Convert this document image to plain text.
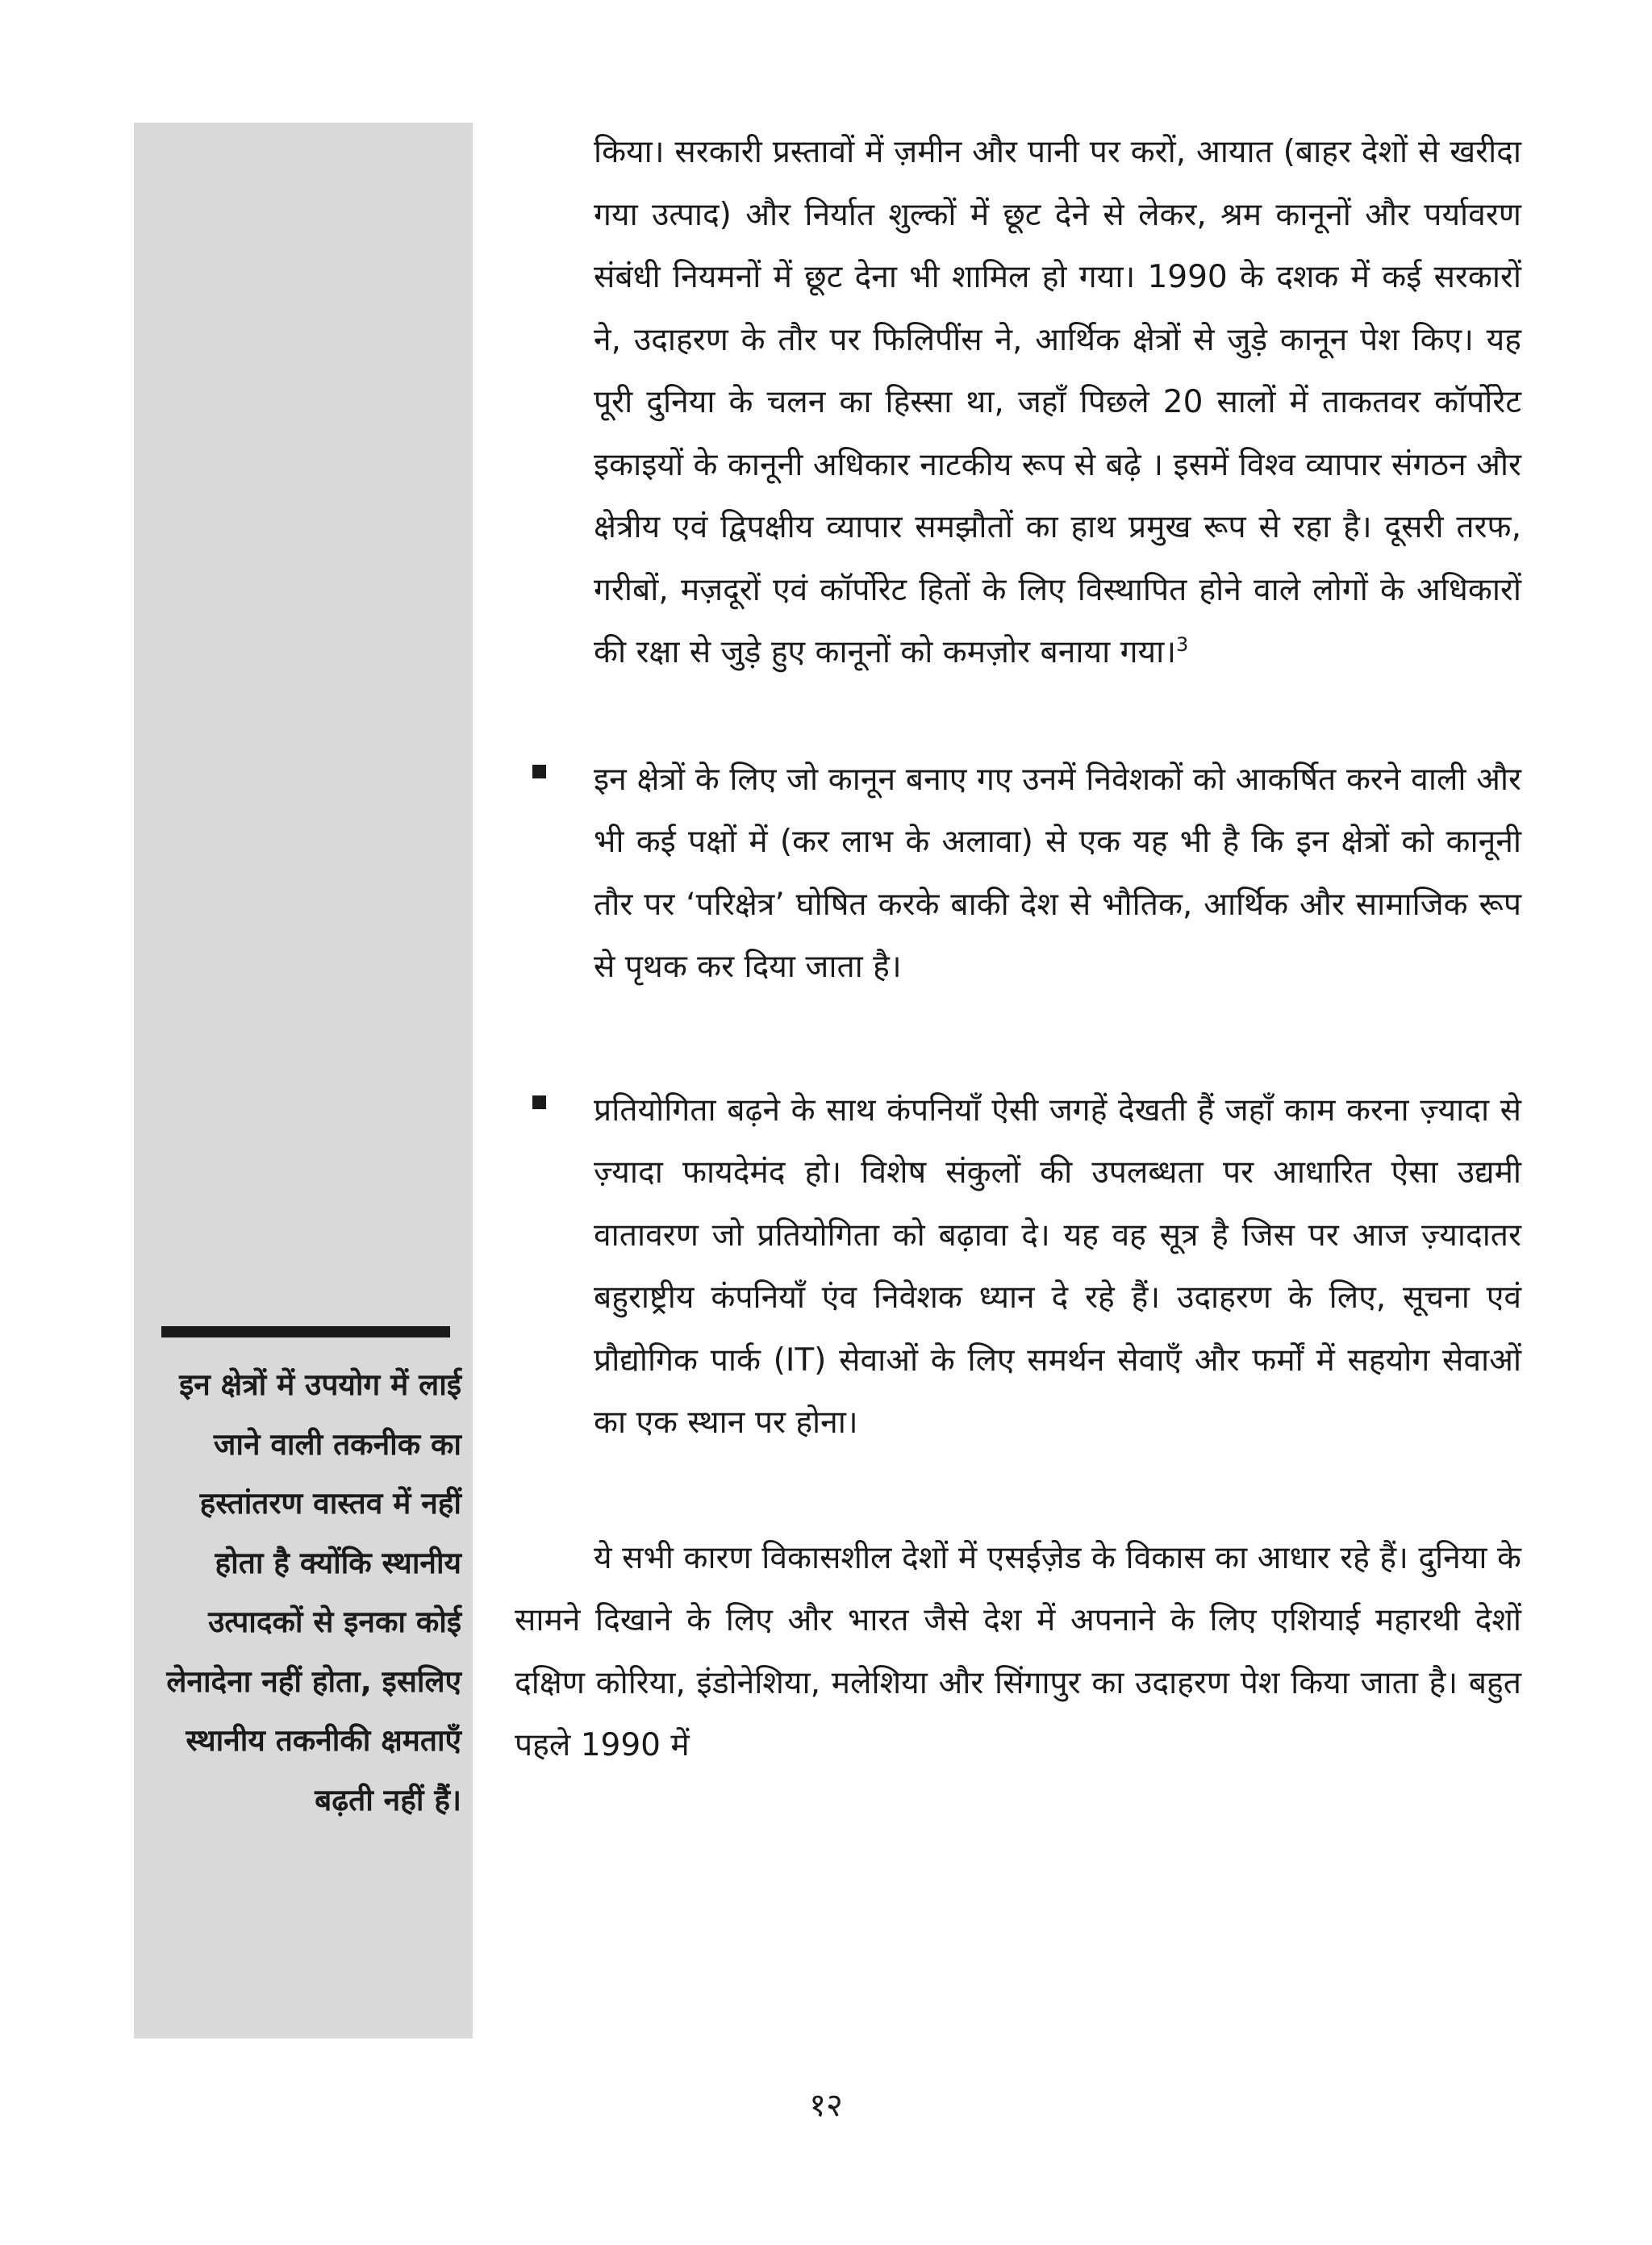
इन क्षेत्रों में उपयोग में लाई जाने वाली तकनीक का हस्तांतरण वास्तव में नहीं होता है क्योंकि स्थानीय उत्पादकों से इनका कोई लेनादेना नहीं होता, इसलिए स्थानीय तकनीकी क्षमताएँ बढ़ती नहीं हैं।

किया। सरकारी प्रस्तावों में ज़मीन और पानी पर करों, आयात (बाहर देशों से खरीदा गया उत्पाद) और निर्यात शुल्कों में छूट देने से लेकर, श्रम कानूनों और पर्यावरण संबंधी नियमनों में छूट देना भी शामिल हो गया। 1990 के दशक में कई सरकारों ने, उदाहरण के तौर पर फिलिपींस ने, आर्थिक क्षेत्रों से जुड़े कानून पेश किए। यह पूरी दुनिया के चलन का हिस्सा था, जहाँ पिछले 20 सालों में ताकतवर कॉर्पोरेट इकाइयों के कानूनी अधिकार नाटकीय रूप से बढ़े । इसमें विश्व व्यापार संगठन और क्षेत्रीय एवं द्विपक्षीय व्यापार समझौतों का हाथ प्रमुख रूप से रहा है। दूसरी तरफ, गरीबों, मज़दूरों एवं कॉर्पोरेट हितों के लिए विस्थापित होने वाले लोगों के अधिकारों की रक्षा से जुड़े हुए कानूनों को कमज़ोर बनाया गया।$^3$

इन क्षेत्रों के लिए जो कानून बनाए गए उनमें निवेशकों को आकर्षित करने वाली और भी कई पक्षों में (कर लाभ के अलावा) से एक यह भी है कि इन क्षेत्रों को कानूनी तौर पर ‘परिक्षेत्र’ घोषित करके बाकी देश से भौतिक, आर्थिक और सामाजिक रूप से पृथक कर दिया जाता है।

प्रतियोगिता बढ़ने के साथ कंपनियाँ ऐसी जगहें देखती हैं जहाँ काम करना ज़्यादा से ज़्यादा फायदेमंद हो। विशेष संकुलों की उपलब्धता पर आधारित ऐसा उद्यमी वातावरण जो प्रतियोगिता को बढ़ावा दे। यह वह सूत्र है जिस पर आज ज़्यादातर बहुराष्ट्रीय कंपनियाँ एंव निवेशक ध्यान दे रहे हैं। उदाहरण के लिए, सूचना एवं प्रौद्योगिक पार्क (IT) सेवाओं के लिए समर्थन सेवाएँ और फर्मों में सहयोग सेवाओं का एक स्थान पर होना।

ये सभी कारण विकासशील देशों में एसईज़ेड के विकास का आधार रहे हैं। दुनिया के सामने दिखाने के लिए और भारत जैसे देश में अपनाने के लिए एशियाई महारथी देशों दक्षिण कोरिया, इंडोनेशिया, मलेशिया और सिंगापुर का उदाहरण पेश किया जाता है। बहुत पहले 1990 में

१२
